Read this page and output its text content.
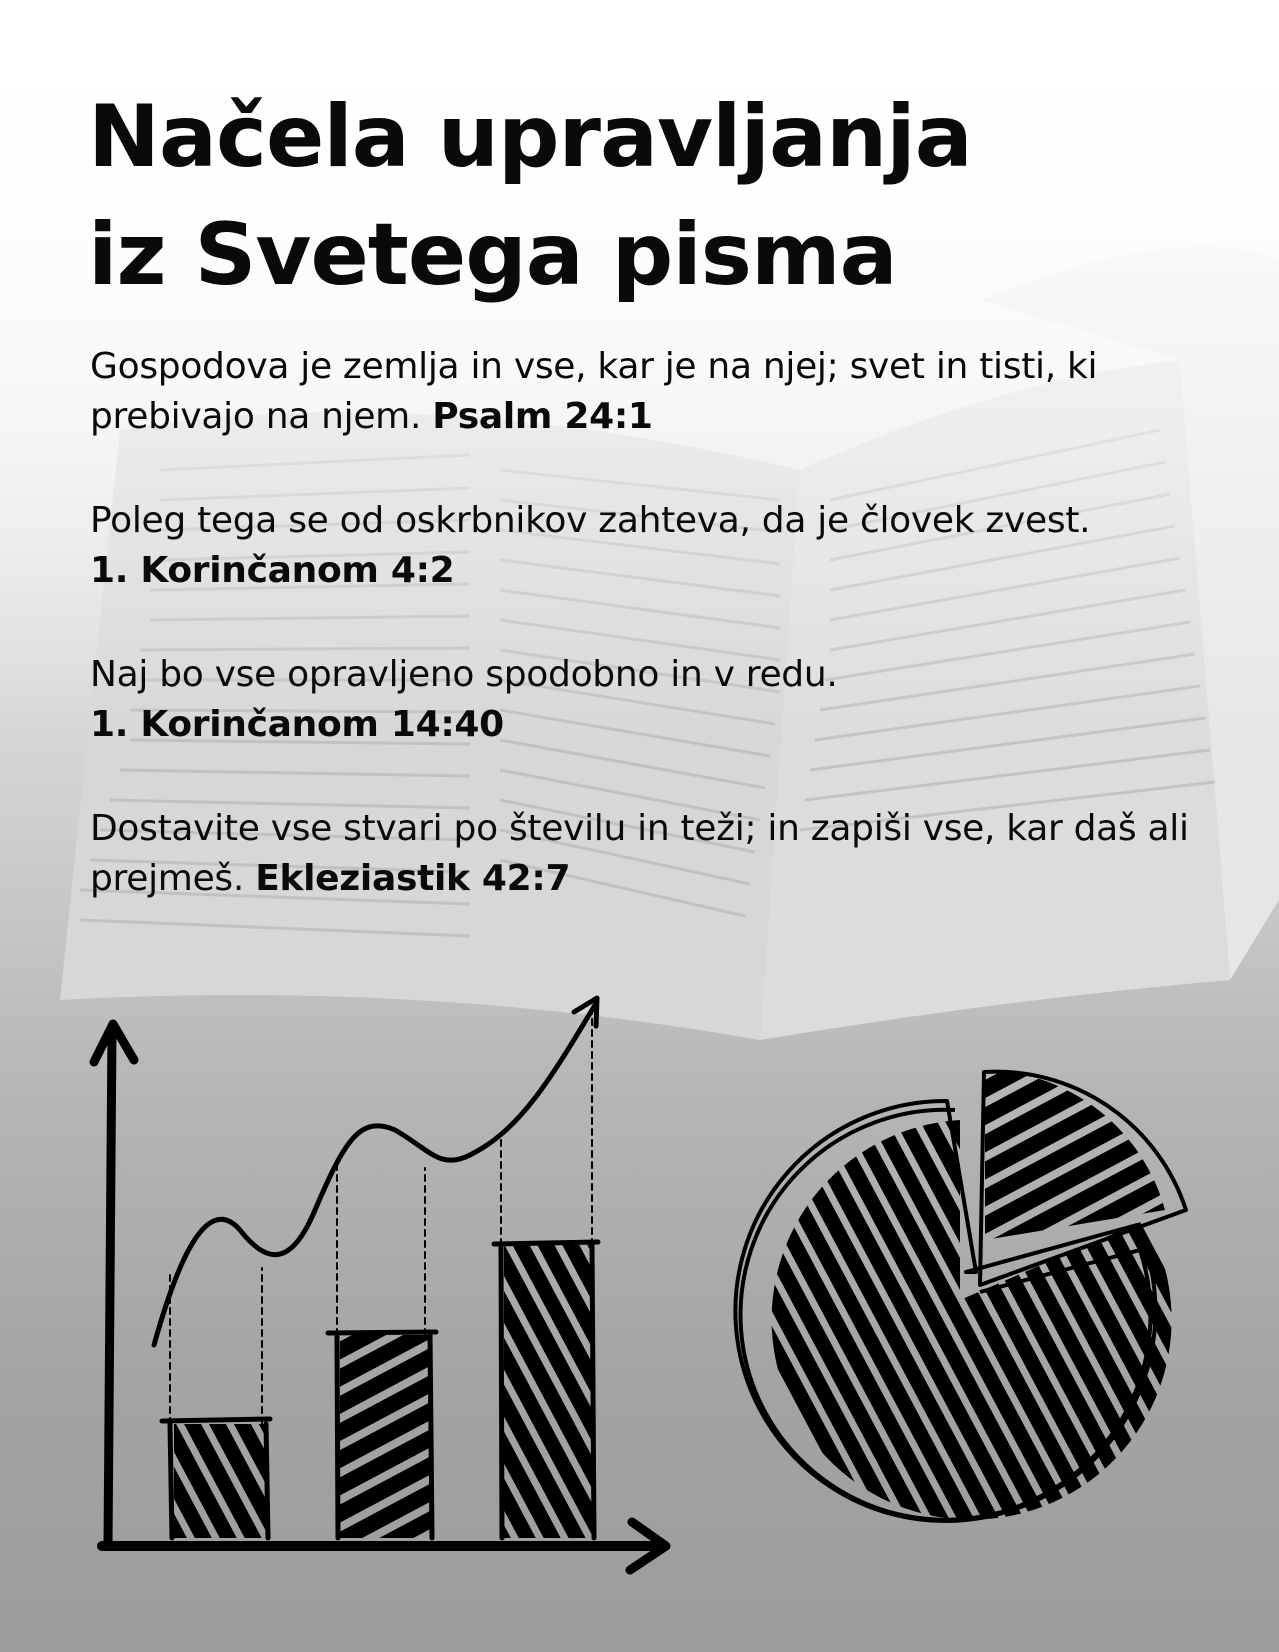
Načela upravljanja
iz Svetega pisma

Gospodova je zemlja in vse, kar je na njej; svet in tisti, ki prebivajo na njem. Psalm 24:1

Poleg tega se od oskrbnikov zahteva, da je človek zvest.
1. Korinčanom 4:2

Naj bo vse opravljeno spodobno in v redu.
1. Korinčanom 14:40

Dostavite vse stvari po številu in teži; in zapiši vse, kar daš ali prejmeš. Ekleziastik 42:7
